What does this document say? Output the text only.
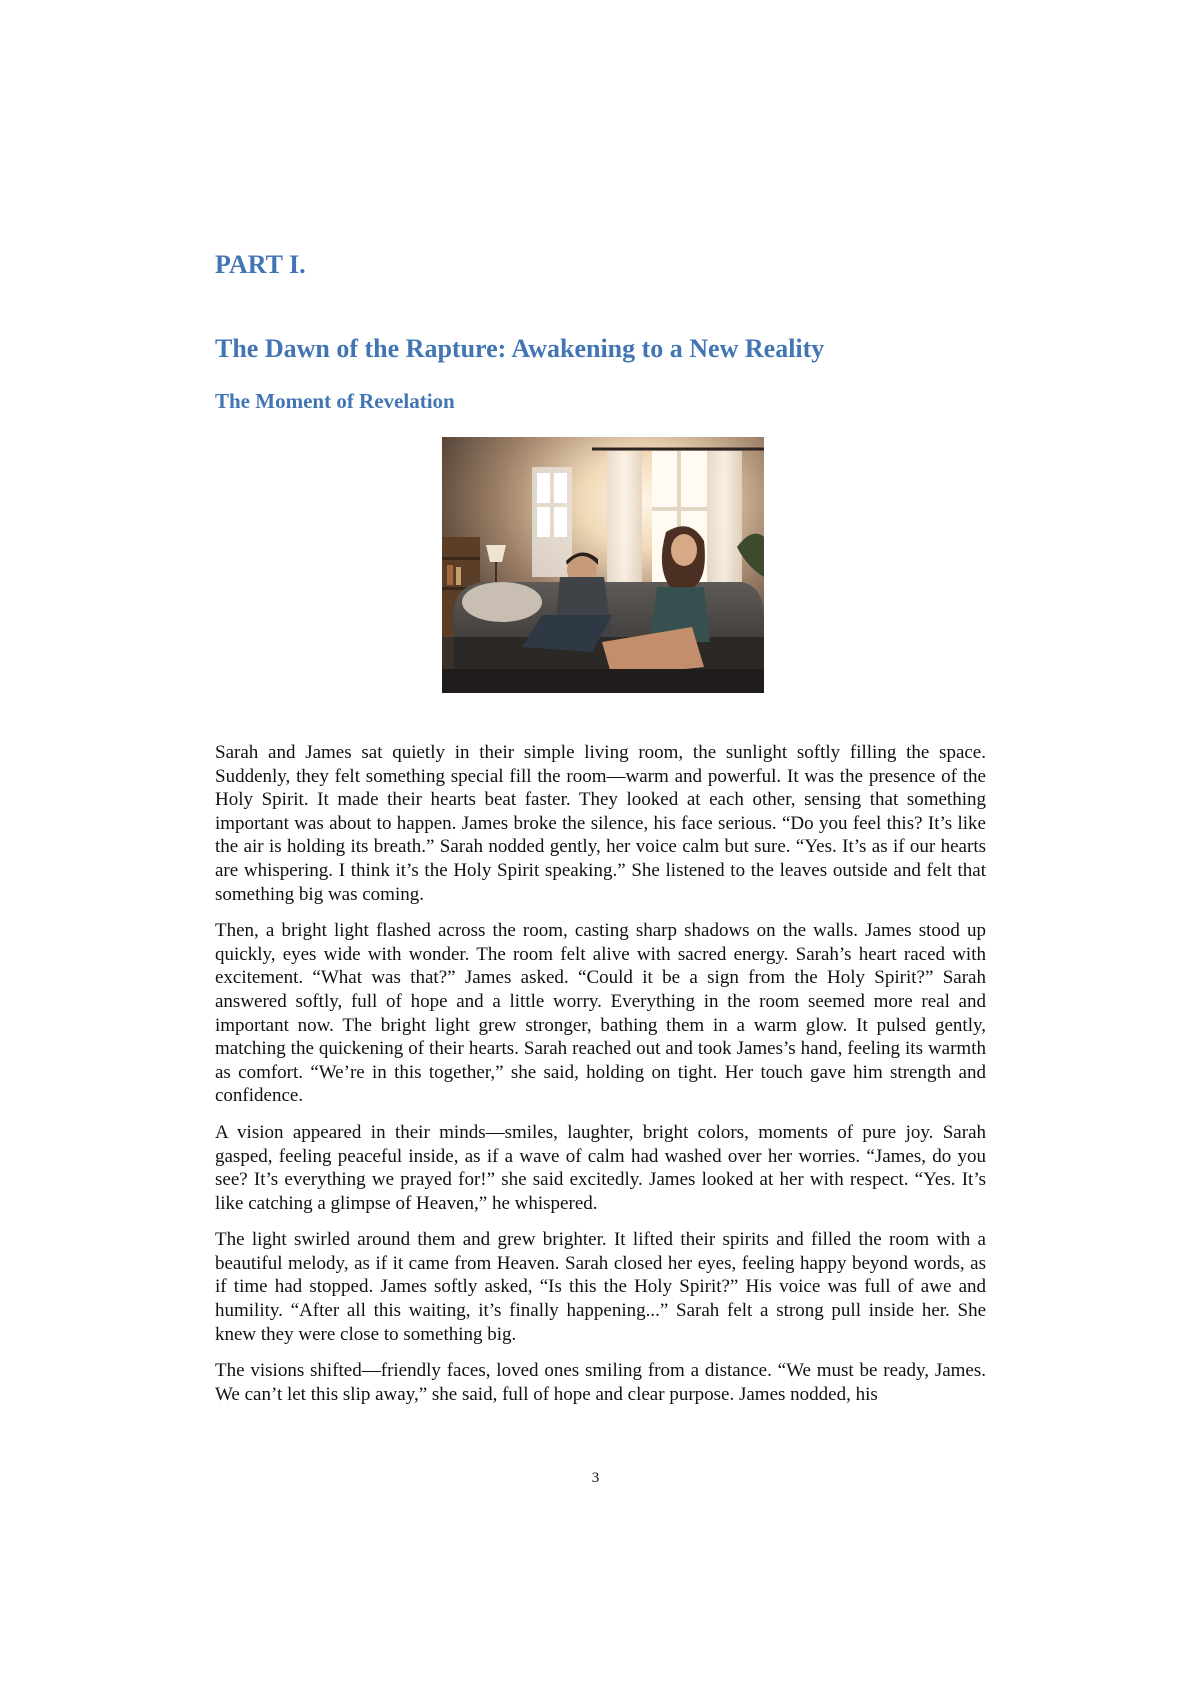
PART I.
The Dawn of the Rapture: Awakening to a New Reality
The Moment of Revelation

Sarah and James sat quietly in their simple living room, the sunlight softly filling the space. Suddenly, they felt something special fill the room—warm and powerful. It was the presence of the Holy Spirit. It made their hearts beat faster. They looked at each other, sensing that something important was about to happen. James broke the silence, his face serious. “Do you feel this? It’s like the air is holding its breath.” Sarah nodded gently, her voice calm but sure. “Yes. It’s as if our hearts are whispering. I think it’s the Holy Spirit speaking.” She listened to the leaves outside and felt that something big was coming.

Then, a bright light flashed across the room, casting sharp shadows on the walls. James stood up quickly, eyes wide with wonder. The room felt alive with sacred energy. Sarah’s heart raced with excitement. “What was that?” James asked. “Could it be a sign from the Holy Spirit?” Sarah answered softly, full of hope and a little worry. Everything in the room seemed more real and important now. The bright light grew stronger, bathing them in a warm glow. It pulsed gently, matching the quickening of their hearts. Sarah reached out and took James’s hand, feeling its warmth as comfort. “We’re in this together,” she said, holding on tight. Her touch gave him strength and confidence.

A vision appeared in their minds—smiles, laughter, bright colors, moments of pure joy. Sarah gasped, feeling peaceful inside, as if a wave of calm had washed over her worries. “James, do you see? It’s everything we prayed for!” she said excitedly. James looked at her with respect. “Yes. It’s like catching a glimpse of Heaven,” he whispered.

The light swirled around them and grew brighter. It lifted their spirits and filled the room with a beautiful melody, as if it came from Heaven. Sarah closed her eyes, feeling happy beyond words, as if time had stopped. James softly asked, “Is this the Holy Spirit?” His voice was full of awe and humility. “After all this waiting, it’s finally happening...” Sarah felt a strong pull inside her. She knew they were close to something big.

The visions shifted—friendly faces, loved ones smiling from a distance. “We must be ready, James. We can’t let this slip away,” she said, full of hope and clear purpose. James nodded, his

3
